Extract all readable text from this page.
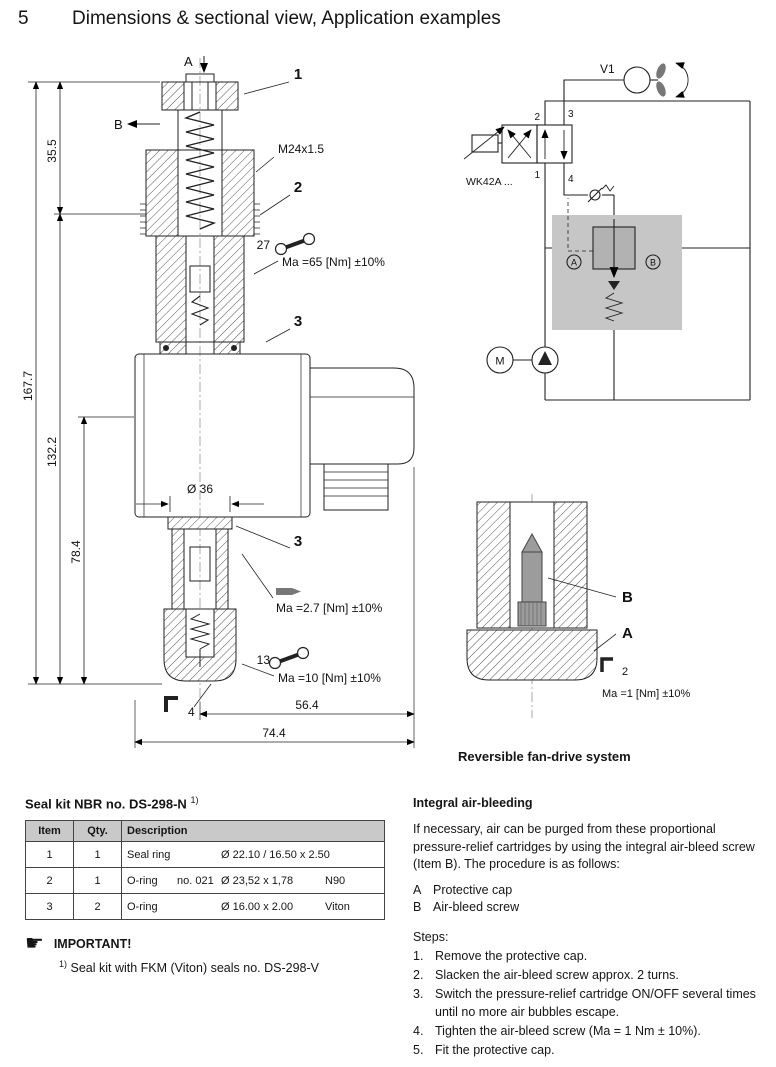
5	Dimensions & sectional view, Application examples
A
1
B
M24x1.5
2
27
Ma =65 [Nm] ±10%
3
Ø 36
3
Ma =2.7 [Nm] ±10%
13
Ma =10 [Nm] ±10%
4
167.7
35.5
132.2
78.4
56.4
74.4
V1
2	3
1	4
WK42A ...
A	B
M
B
A
2
Ma =1 [Nm] ±10%
Reversible fan-drive system
Seal kit NBR no. DS-298-N $^{1)}$
Item	Qty.	Description
1	1	Seal ring Ø 22.10 / 16.50 x 2.50

2	1	O-ring no. 021 Ø 23,52 x 1,78 N90

3	2	O-ring Ø 16.00 x 2.00 Viton
☛ IMPORTANT!
$^{1)}$ Seal kit with FKM (Viton) seals no. DS-298-V
Integral air-bleeding
If necessary, air can be purged from these proportional pressure-relief cartridges by using the integral air-bleed screw (Item B). The procedure is as follows:
A Protective cap
B Air-bleed screw
Steps:
1. Remove the protective cap.
2. Slacken the air-bleed screw approx. 2 turns.
3. Switch the pressure-relief cartridge ON/OFF several times until no more air bubbles escape.
4. Tighten the air-bleed screw (Ma = 1 Nm ± 10%).
5. Fit the protective cap.
